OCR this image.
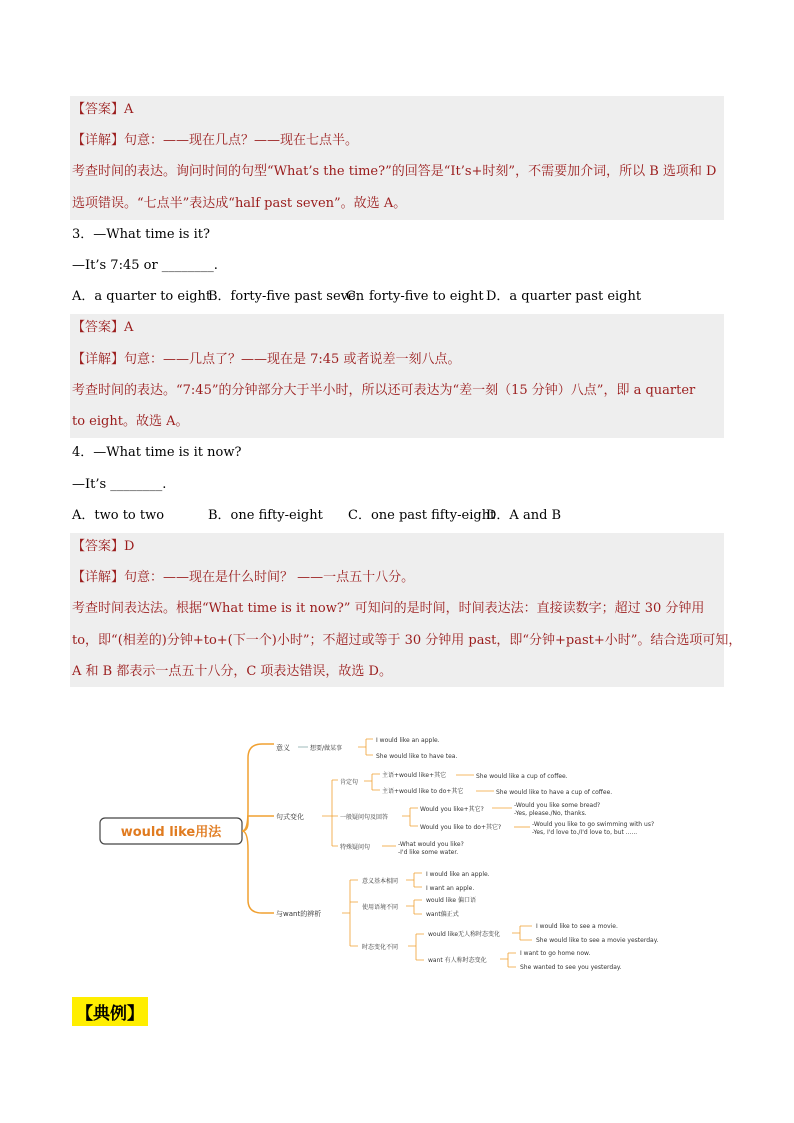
【答案】A
【详解】句意：——现在几点？——现在七点半。
考查时间的表达。询问时间的句型“What’s the time?”的回答是“It’s+时刻”，不需要加介词，所以 B 选项和 D
选项错误。“七点半”表达成“half past seven”。故选 A。
3．—What time is it?
—It’s 7:45 or ________.
A．a quarter to eight
B．forty-five past seven
C．forty-five to eight D．a quarter past eight
【答案】A
【详解】句意：——几点了？——现在是 7:45 或者说差一刻八点。
考查时间的表达。“7:45”的分钟部分大于半小时，所以还可表达为“差一刻（15 分钟）八点”，即 a quarter
to eight。故选 A。
4．—What time is it now?
—It’s ________.
A．two to two	B．one fifty-eight C．one past fifty-eight
D．A and B
【答案】D
【详解】句意：——现在是什么时间？ ——一点五十八分。
考查时间表达法。根据“What time is it now?” 可知问的是时间，时间表达法：直接读数字；超过 30 分钟用
to，即“(相差的)分钟+to+(下一个)小时”；不超过或等于 30 分钟用 past，即“分钟+past+小时”。结合选项可知，
A 和 B 都表示一点五十八分，C 项表达错误，故选 D。
would like用法
意义	想要/做某事
I would like an apple.
She would like to have tea.
句式变化
肯定句
主语+would like+其它	She would like a cup of coffee.
主语+would like to do+其它	She would like to have a cup of coffee.
一般疑问句及回答
Would you like+其它?
-Would you like some bread?
-Yes, please./No, thanks.
Would you like to do+其它?	-Would you like to go swimming with us?
-Yes, I'd love to./I'd love to, but ......
特殊疑问句	-What would you like?
-I'd like some water.
与want的辨析
意义基本相同
I would like an apple.
I want an apple.
使用语境不同
would like 偏口语
want偏正式
时态变化不同
would like无人称时态变化
I would like to see a movie.
She would like to see a movie yesterday.
want 有人称时态变化
I want to go home now.
She wanted to see you yesterday.
【典例】
